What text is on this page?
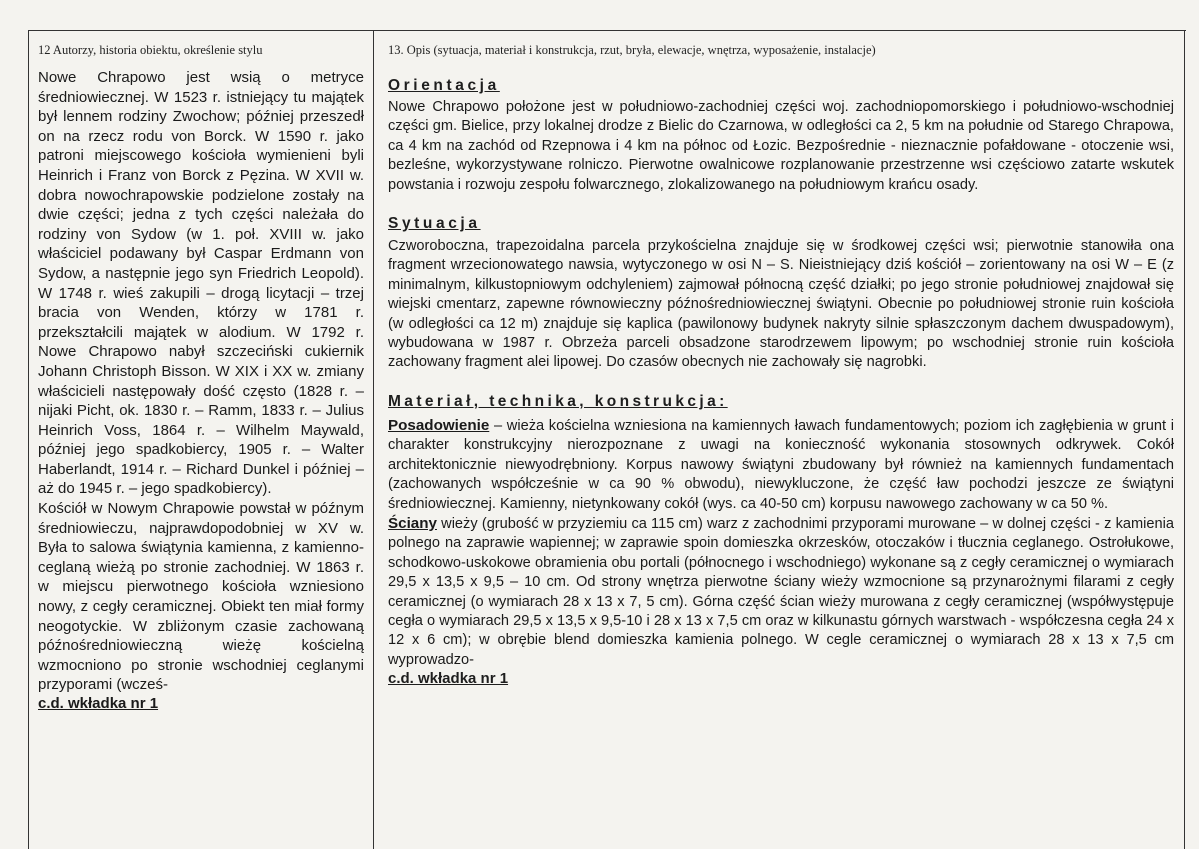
12 Autorzy, historia obiektu, określenie stylu

Nowe Chrapowo jest wsią o metryce średniowiecznej. W 1523 r. istniejący tu majątek był lennem rodziny Zwochow; później przeszedł on na rzecz rodu von Borck. W 1590 r. jako patroni miejscowego kościoła wymienieni byli Heinrich i Franz von Borck z Pęzina. W XVII w. dobra nowochrapowskie podzielone zostały na dwie części; jedna z tych części należała do rodziny von Sydow (w 1. poł. XVIII w. jako właściciel podawany był Caspar Erdmann von Sydow, a następnie jego syn Friedrich Leopold). W 1748 r. wieś zakupili – drogą licytacji – trzej bracia von Wenden, którzy w 1781 r. przekształcili majątek w alodium. W 1792 r. Nowe Chrapowo nabył szczeciński cukiernik Johann Christoph Bisson. W XIX i XX w. zmiany właścicieli następowały dość często (1828 r. – nijaki Picht, ok. 1830 r. – Ramm, 1833 r. – Julius Heinrich Voss, 1864 r. – Wilhelm Maywald, później jego spadkobiercy, 1905 r. – Walter Haberlandt, 1914 r. – Richard Dunkel i później – aż do 1945 r. – jego spadkobiercy).

Kościół w Nowym Chrapowie powstał w późnym średniowieczu, najprawdopodobniej w XV w. Była to salowa świątynia kamienna, z kamienno-ceglaną wieżą po stronie zachodniej. W 1863 r. w miejscu pierwotnego kościoła wzniesiono nowy, z cegły ceramicznej. Obiekt ten miał formy neogotyckie. W zbliżonym czasie zachowaną późnośredniowieczną wieżę kościelną wzmocniono po stronie wschodniej ceglanymi przyporami (wcześ-

c.d. wkładka nr 1
13. Opis (sytuacja, materiał i konstrukcja, rzut, bryła, elewacje, wnętrza, wyposażenie, instalacje)

Orientacja

Nowe Chrapowo położone jest w południowo-zachodniej części woj. zachodniopomorskiego i południowo-wschodniej części gm. Bielice, przy lokalnej drodze z Bielic do Czarnowa, w odległości ca 2, 5 km na południe od Starego Chrapowa, ca 4 km na zachód od Rzepnowa i 4 km na północ od Łozic. Bezpośrednie - nieznacznie pofałdowane - otoczenie wsi, bezleśne, wykorzystywane rolniczo. Pierwotne owalnicowe rozplanowanie przestrzenne wsi częściowo zatarte wskutek powstania i rozwoju zespołu folwarcznego, zlokalizowanego na południowym krańcu osady.

Sytuacja

Czworoboczna, trapezoidalna parcela przykościelna znajduje się w środkowej części wsi; pierwotnie stanowiła ona fragment wrzecionowatego nawsia, wytyczonego w osi N – S. Nieistniejący dziś kościół – zorientowany na osi W – E (z minimalnym, kilkustopniowym odchyleniem) zajmował północną część działki; po jego stronie południowej znajdował się wiejski cmentarz, zapewne równowieczny późnośredniowiecznej świątyni. Obecnie po południowej stronie ruin kościoła (w odległości ca 12 m) znajduje się kaplica (pawilonowy budynek nakryty silnie spłaszczonym dachem dwuspadowym), wybudowana w 1987 r. Obrzeża parceli obsadzone starodrzewem lipowym; po wschodniej stronie ruin kościoła zachowany fragment alei lipowej. Do czasów obecnych nie zachowały się nagrobki.

Materiał, technika, konstrukcja:

Posadowienie – wieża kościelna wzniesiona na kamiennych ławach fundamentowych; poziom ich zagłębienia w grunt i charakter konstrukcyjny nierozpoznane z uwagi na konieczność wykonania stosownych odkrywek. Cokół architektonicznie niewyodrębniony. Korpus nawowy świątyni zbudowany był również na kamiennych fundamentach (zachowanych współcześnie w ca 90 % obwodu), niewykluczone, że część ław pochodzi jeszcze ze świątyni średniowiecznej. Kamienny, nietynkowany cokół (wys. ca 40-50 cm) korpusu nawowego zachowany w ca 50 %.

Ściany wieży (grubość w przyziemiu ca 115 cm) warz z zachodnimi przyporami murowane – w dolnej części - z kamienia polnego na zaprawie wapiennej; w zaprawie spoin domieszka okrzesków, otoczaków i tłucznia ceglanego. Ostrołukowe, schodkowo-uskokowe obramienia obu portali (północnego i wschodniego) wykonane są z cegły ceramicznej o wymiarach 29,5 x 13,5 x 9,5 – 10 cm. Od strony wnętrza pierwotne ściany wieży wzmocnione są przynarożnymi filarami z cegły ceramicznej (o wymiarach 28 x 13 x 7, 5 cm). Górna część ścian wieży murowana z cegły ceramicznej (współwystępuje cegła o wymiarach 29,5 x 13,5 x 9,5-10 i 28 x 13 x 7,5 cm oraz w kilkunastu górnych warstwach - współczesna cegła 24 x 12 x 6 cm); w obrębie blend domieszka kamienia polnego. W cegle ceramicznej o wymiarach 28 x 13 x 7,5 cm wyprowadzo-

c.d. wkładka nr 1
